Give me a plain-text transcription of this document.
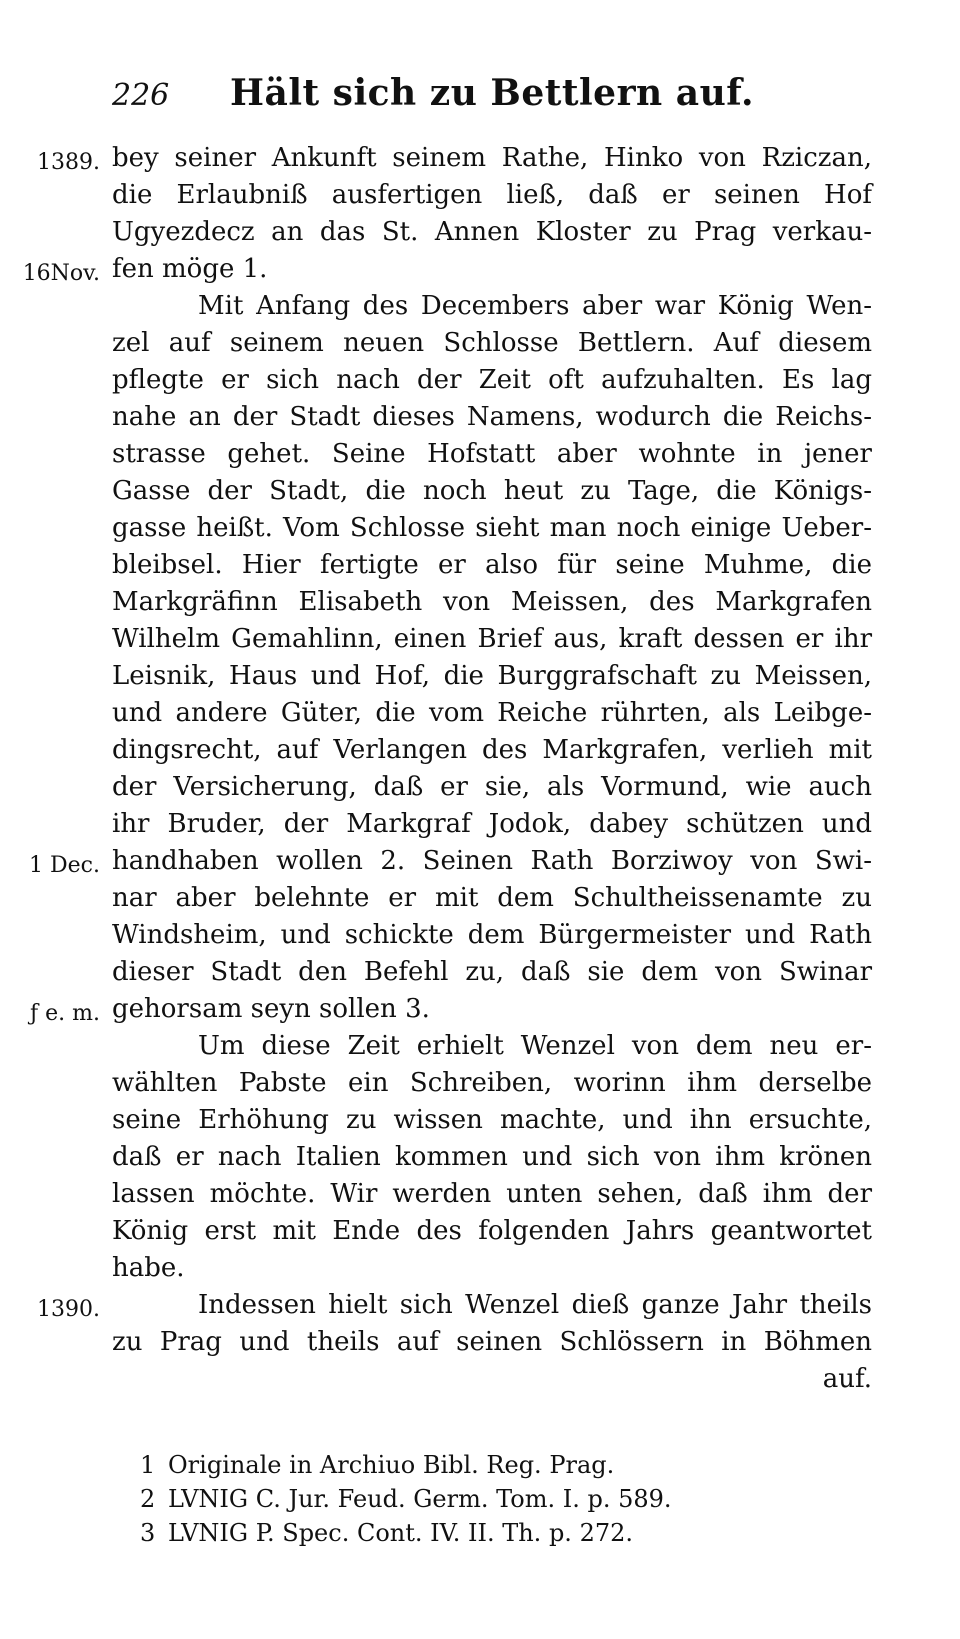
226	Hält sich zu Bettlern auf.
1389. bey seiner Ankunft seinem Rathe, Hinko von Rziczan,
die Erlaubniß ausfertigen ließ, daß er seinen Hof
Ugyezdecz an das St. Annen Kloster zu Prag verkau-
16Nov. fen möge 1.
Mit Anfang des Decembers aber war König Wen-
zel auf seinem neuen Schlosse Bettlern. Auf diesem
pflegte er sich nach der Zeit oft aufzuhalten. Es lag
nahe an der Stadt dieses Namens, wodurch die Reichs-
strasse gehet. Seine Hofstatt aber wohnte in jener
Gasse der Stadt, die noch heut zu Tage, die Königs-
gasse heißt. Vom Schlosse sieht man noch einige Ueber-
bleibsel. Hier fertigte er also für seine Muhme, die
Markgräfinn Elisabeth von Meissen, des Markgrafen
Wilhelm Gemahlinn, einen Brief aus, kraft dessen er ihr
Leisnik, Haus und Hof, die Burggrafschaft zu Meissen,
und andere Güter, die vom Reiche rührten, als Leibge-
dingsrecht, auf Verlangen des Markgrafen, verlieh mit
der Versicherung, daß er sie, als Vormund, wie auch
ihr Bruder, der Markgraf Jodok, dabey schützen und
1 Dec. handhaben wollen 2. Seinen Rath Borziwoy von Swi-
nar aber belehnte er mit dem Schultheissenamte zu
Windsheim, und schickte dem Bürgermeister und Rath
dieser Stadt den Befehl zu, daß sie dem von Swinar
ƒ e. m. gehorsam seyn sollen 3.
Um diese Zeit erhielt Wenzel von dem neu er-
wählten Pabste ein Schreiben, worinn ihm derselbe
seine Erhöhung zu wissen machte, und ihn ersuchte,
daß er nach Italien kommen und sich von ihm krönen
lassen möchte. Wir werden unten sehen, daß ihm der
König erst mit Ende des folgenden Jahrs geantwortet
habe.
1390.	Indessen hielt sich Wenzel dieß ganze Jahr theils
zu Prag und theils auf seinen Schlössern in Böhmen
auf.
1 Originale in Archiuo Bibl. Reg. Prag.
2 LVNIG C. Jur. Feud. Germ. Tom. I. p. 589.
3 LVNIG P. Spec. Cont. IV. II. Th. p. 272.
